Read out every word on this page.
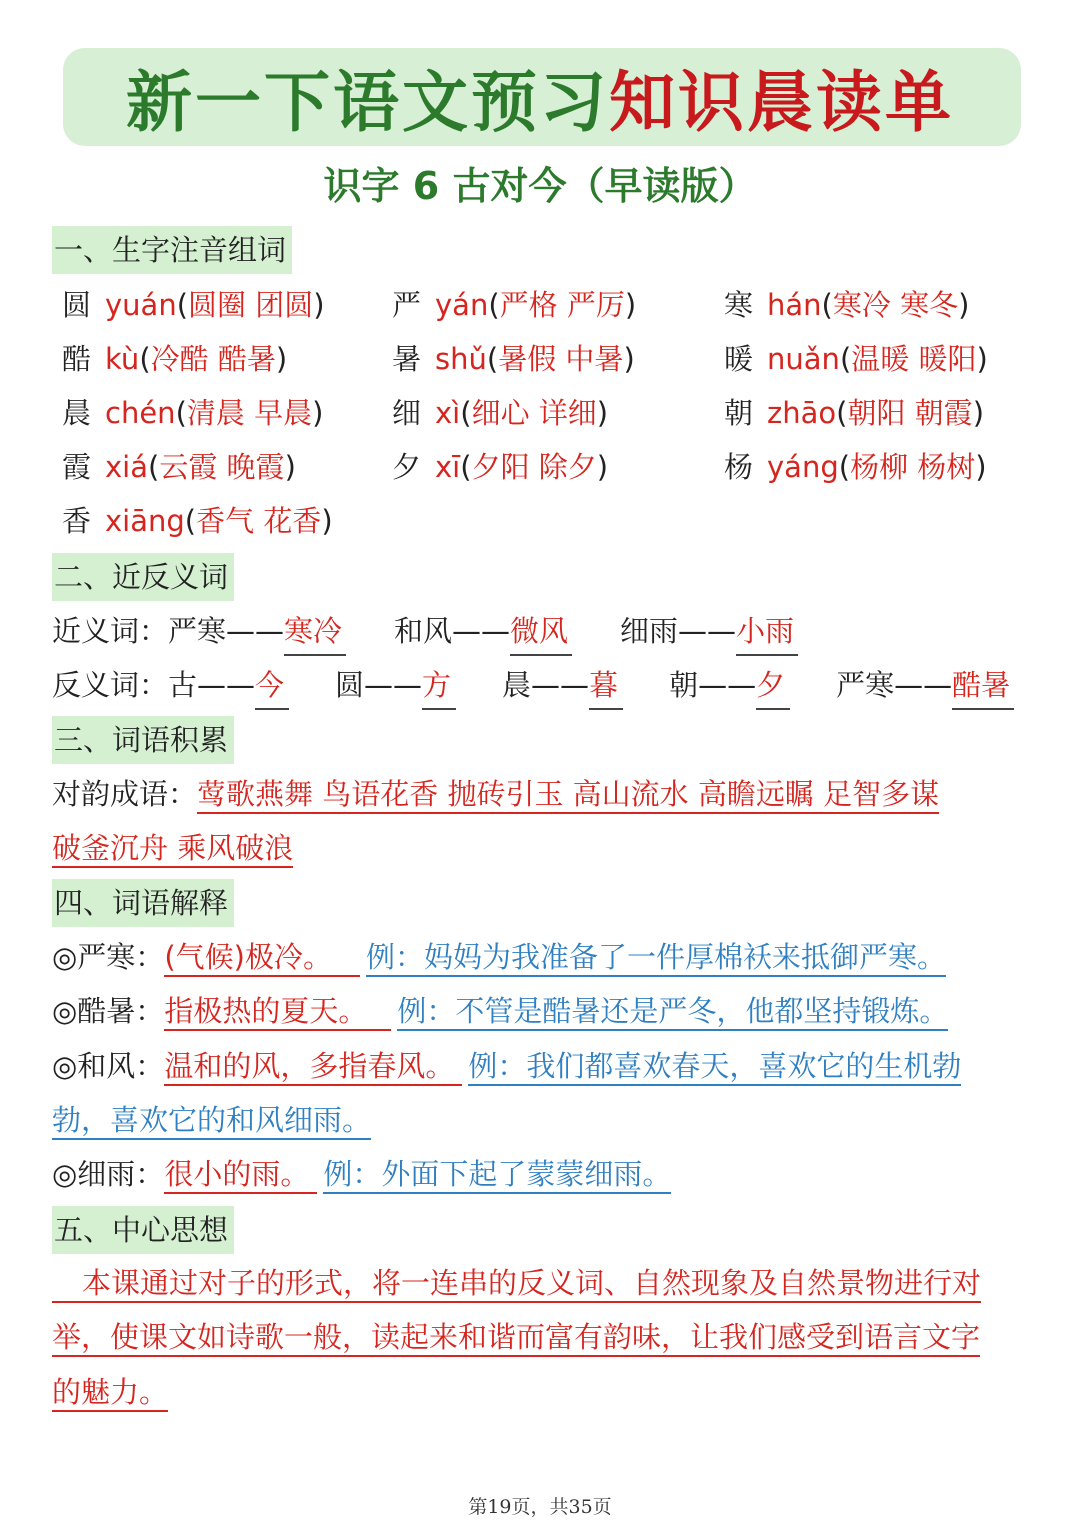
新一下语文预习知识晨读单
识字 6 古对今（早读版）
一、生字注音组词
圆 yuán(圆圈 团圆) 严 yán(严格 严厉)	寒 hán(寒冷 寒冬)
酷 kù(冷酷 酷暑)	暑 shǔ(暑假 中暑)	暖 nuǎn(温暖 暖阳)
晨 chén(清晨 早晨) 细 xì(细心 详细)	朝 zhāo(朝阳 朝霞)
霞 xiá(云霞 晚霞)	夕 xī(夕阳 除夕)	杨 yáng(杨柳 杨树)
香 xiāng(香气 花香)
二、近反义词
近义词：严寒——寒冷 和风——微风 细雨——小雨
反义词：古——今 圆——方 晨——暮 朝——夕 严寒——酷暑
三、词语积累
对韵成语：莺歌燕舞 鸟语花香 抛砖引玉 高山流水 高瞻远瞩 足智多谋
破釜沉舟 乘风破浪
四、词语解释
◎严寒：(气候)极冷。 例：妈妈为我准备了一件厚棉袄来抵御严寒。
◎酷暑：指极热的夏天。 例：不管是酷暑还是严冬，他都坚持锻炼。
◎和风：温和的风，多指春风。 例：我们都喜欢春天，喜欢它的生机勃
勃，喜欢它的和风细雨。
◎细雨：很小的雨。 例：外面下起了蒙蒙细雨。
五、中心思想
本课通过对子的形式，将一连串的反义词、自然现象及自然景物进行对
举，使课文如诗歌一般，读起来和谐而富有韵味，让我们感受到语言文字
的魅力。
第19页，共35页
